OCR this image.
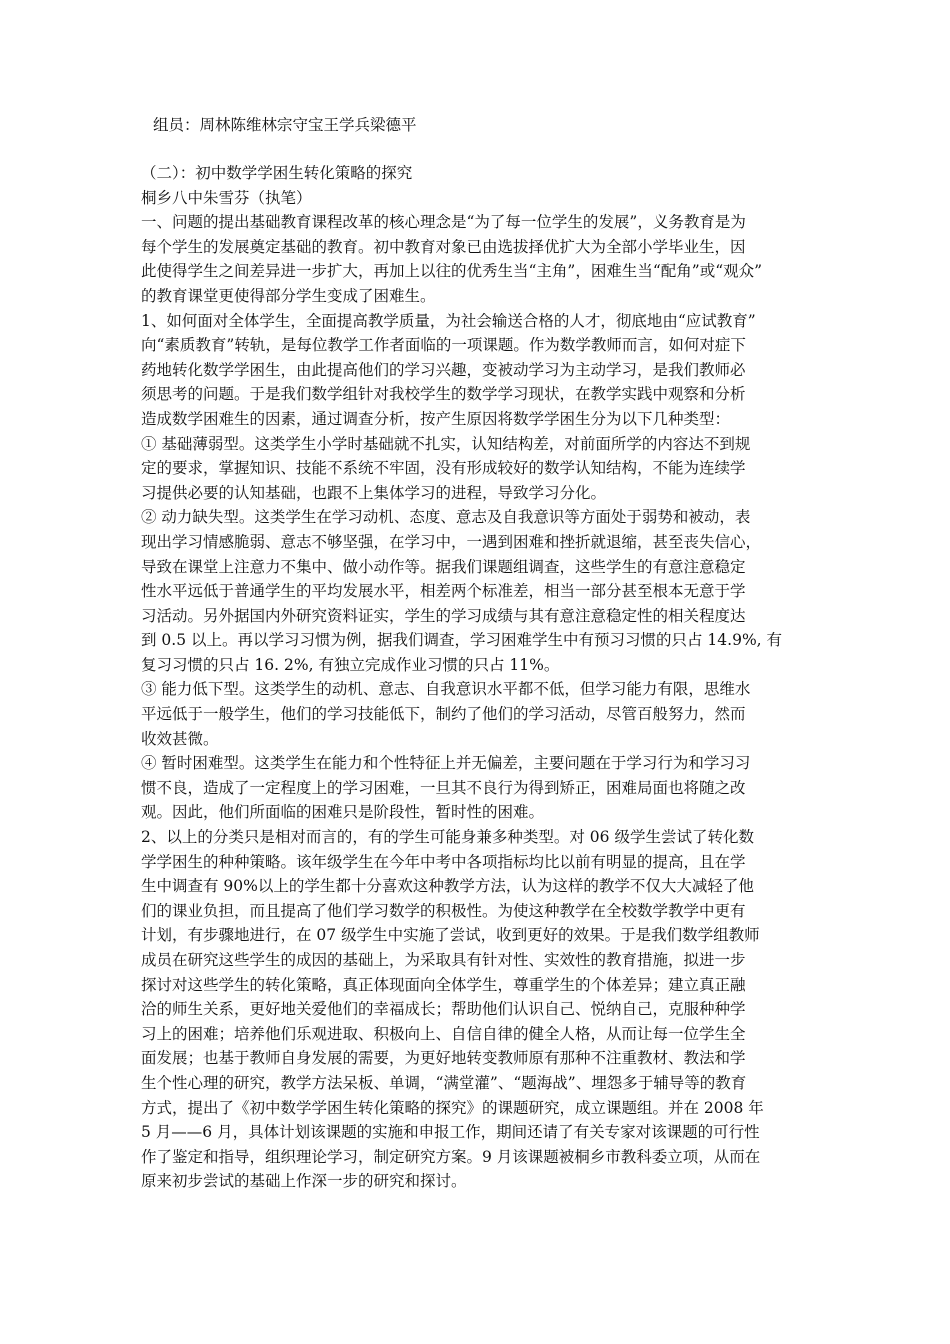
组员：周林陈维林宗守宝王学兵梁德平
（二）：初中数学学困生转化策略的探究
桐乡八中朱雪芬（执笔）
一、问题的提出基础教育课程改革的核心理念是“为了每一位学生的发展”，义务教育是为
每个学生的发展奠定基础的教育。初中教育对象已由选拔择优扩大为全部小学毕业生，因
此使得学生之间差异进一步扩大，再加上以往的优秀生当“主角”，困难生当“配角”或“观众”
的教育课堂更使得部分学生变成了困难生。
1、如何面对全体学生，全面提高教学质量，为社会输送合格的人才，彻底地由“应试教育”
向“素质教育”转轨，是每位教学工作者面临的一项课题。作为数学教师而言，如何对症下
药地转化数学学困生，由此提高他们的学习兴趣，变被动学习为主动学习，是我们教师必
须思考的问题。于是我们数学组针对我校学生的数学学习现状，在教学实践中观察和分析
造成数学困难生的因素，通过调查分析，按产生原因将数学学困生分为以下几种类型：
① 基础薄弱型。这类学生小学时基础就不扎实，认知结构差，对前面所学的内容达不到规
定的要求，掌握知识、技能不系统不牢固，没有形成较好的数学认知结构，不能为连续学
习提供必要的认知基础，也跟不上集体学习的进程，导致学习分化。
② 动力缺失型。这类学生在学习动机、态度、意志及自我意识等方面处于弱势和被动，表
现出学习情感脆弱、意志不够坚强，在学习中，一遇到困难和挫折就退缩，甚至丧失信心，
导致在课堂上注意力不集中、做小动作等。据我们课题组调查，这些学生的有意注意稳定
性水平远低于普通学生的平均发展水平，相差两个标准差，相当一部分甚至根本无意于学
习活动。另外据国内外研究资料证实，学生的学习成绩与其有意注意稳定性的相关程度达
到 0.5 以上。再以学习习惯为例，据我们调查，学习困难学生中有预习习惯的只占 14.9%, 有
复习习惯的只占 16. 2%, 有独立完成作业习惯的只占 11%。
③ 能力低下型。这类学生的动机、意志、自我意识水平都不低，但学习能力有限，思维水
平远低于一般学生，他们的学习技能低下，制约了他们的学习活动，尽管百般努力，然而
收效甚微。
④ 暂时困难型。这类学生在能力和个性特征上并无偏差，主要问题在于学习行为和学习习
惯不良，造成了一定程度上的学习困难，一旦其不良行为得到矫正，困难局面也将随之改
观。因此，他们所面临的困难只是阶段性，暂时性的困难。
2、以上的分类只是相对而言的，有的学生可能身兼多种类型。对 06 级学生尝试了转化数
学学困生的种种策略。该年级学生在今年中考中各项指标均比以前有明显的提高，且在学
生中调查有 90%以上的学生都十分喜欢这种教学方法，认为这样的教学不仅大大减轻了他
们的课业负担，而且提高了他们学习数学的积极性。为使这种教学在全校数学教学中更有
计划，有步骤地进行，在 07 级学生中实施了尝试，收到更好的效果。于是我们数学组教师
成员在研究这些学生的成因的基础上，为采取具有针对性、实效性的教育措施，拟进一步
探讨对这些学生的转化策略，真正体现面向全体学生，尊重学生的个体差异；建立真正融
洽的师生关系，更好地关爱他们的幸福成长；帮助他们认识自己、悦纳自己，克服种种学
习上的困难；培养他们乐观进取、积极向上、自信自律的健全人格，从而让每一位学生全
面发展；也基于教师自身发展的需要，为更好地转变教师原有那种不注重教材、教法和学
生个性心理的研究，教学方法呆板、单调，“满堂灌”、“题海战”、埋怨多于辅导等的教育
方式，提出了《初中数学学困生转化策略的探究》的课题研究，成立课题组。并在 2008 年
5 月——6 月，具体计划该课题的实施和申报工作，期间还请了有关专家对该课题的可行性
作了鉴定和指导，组织理论学习，制定研究方案。9 月该课题被桐乡市教科委立项，从而在
原来初步尝试的基础上作深一步的研究和探讨。
